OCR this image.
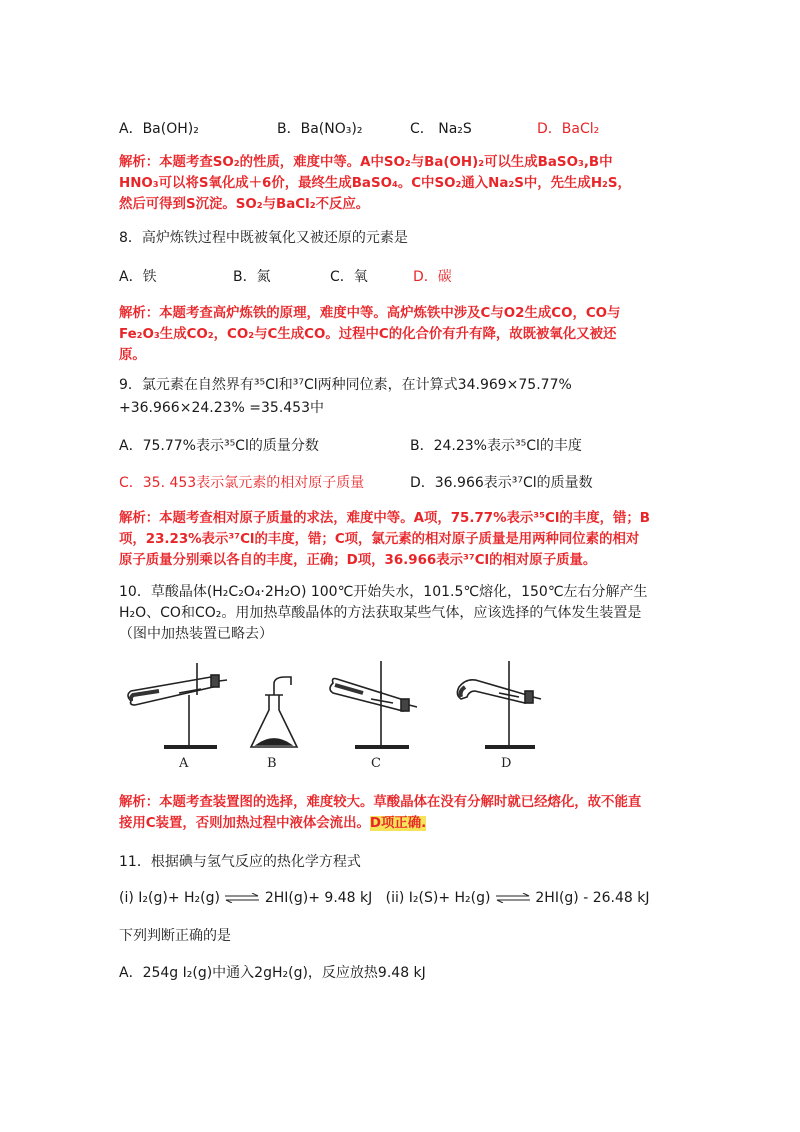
A．Ba(OH)₂	B．Ba(NO₃)₂	C． Na₂S	D．BaCl₂
解析：本题考查SO₂的性质，难度中等。A中SO₂与Ba(OH)₂可以生成BaSO₃,B中
HNO₃可以将S氧化成＋6价，最终生成BaSO₄。C中SO₂通入Na₂S中，先生成H₂S，
然后可得到S沉淀。SO₂与BaCl₂不反应。
8．高炉炼铁过程中既被氧化又被还原的元素是
A．铁	B．氮	C．氧	D．碳
解析：本题考查高炉炼铁的原理，难度中等。高炉炼铁中涉及C与O2生成CO，CO与
Fe₂O₃生成CO₂，CO₂与C生成CO。过程中C的化合价有升有降，故既被氧化又被还
原。
9．氯元素在自然界有³⁵Cl和³⁷Cl两种同位素，在计算式34.969×75.77%
+36.966×24.23% =35.453中
A．75.77%表示³⁵Cl的质量分数	B．24.23%表示³⁵Cl的丰度
C．35. 453表示氯元素的相对原子质量	D．36.966表示³⁷Cl的质量数
解析：本题考查相对原子质量的求法，难度中等。A项，75.77%表示³⁵Cl的丰度，错；B
项，23.23%表示³⁷Cl的丰度，错；C项，氯元素的相对原子质量是用两种同位素的相对
原子质量分别乘以各自的丰度，正确；D项，36.966表示³⁷Cl的相对原子质量。
10．草酸晶体(H₂C₂O₄·2H₂O) 100℃开始失水，101.5℃熔化，150℃左右分解产生
H₂O、CO和CO₂。用加热草酸晶体的方法获取某些气体，应该选择的气体发生装置是
（图中加热装置已略去）
A	B	C	D
解析：本题考查装置图的选择，难度较大。草酸晶体在没有分解时就已经熔化，故不能直
接用C装置，否则加热过程中液体会流出。D项正确.
11．根据碘与氢气反应的热化学方程式
(i) I₂(g)+ H₂(g) ⇌ 2HI(g)+ 9.48 kJ (ii) I₂(S)+ H₂(g) ⇌ 2HI(g) - 26.48 kJ
下列判断正确的是
A．254g I₂(g)中通入2gH₂(g)，反应放热9.48 kJ
